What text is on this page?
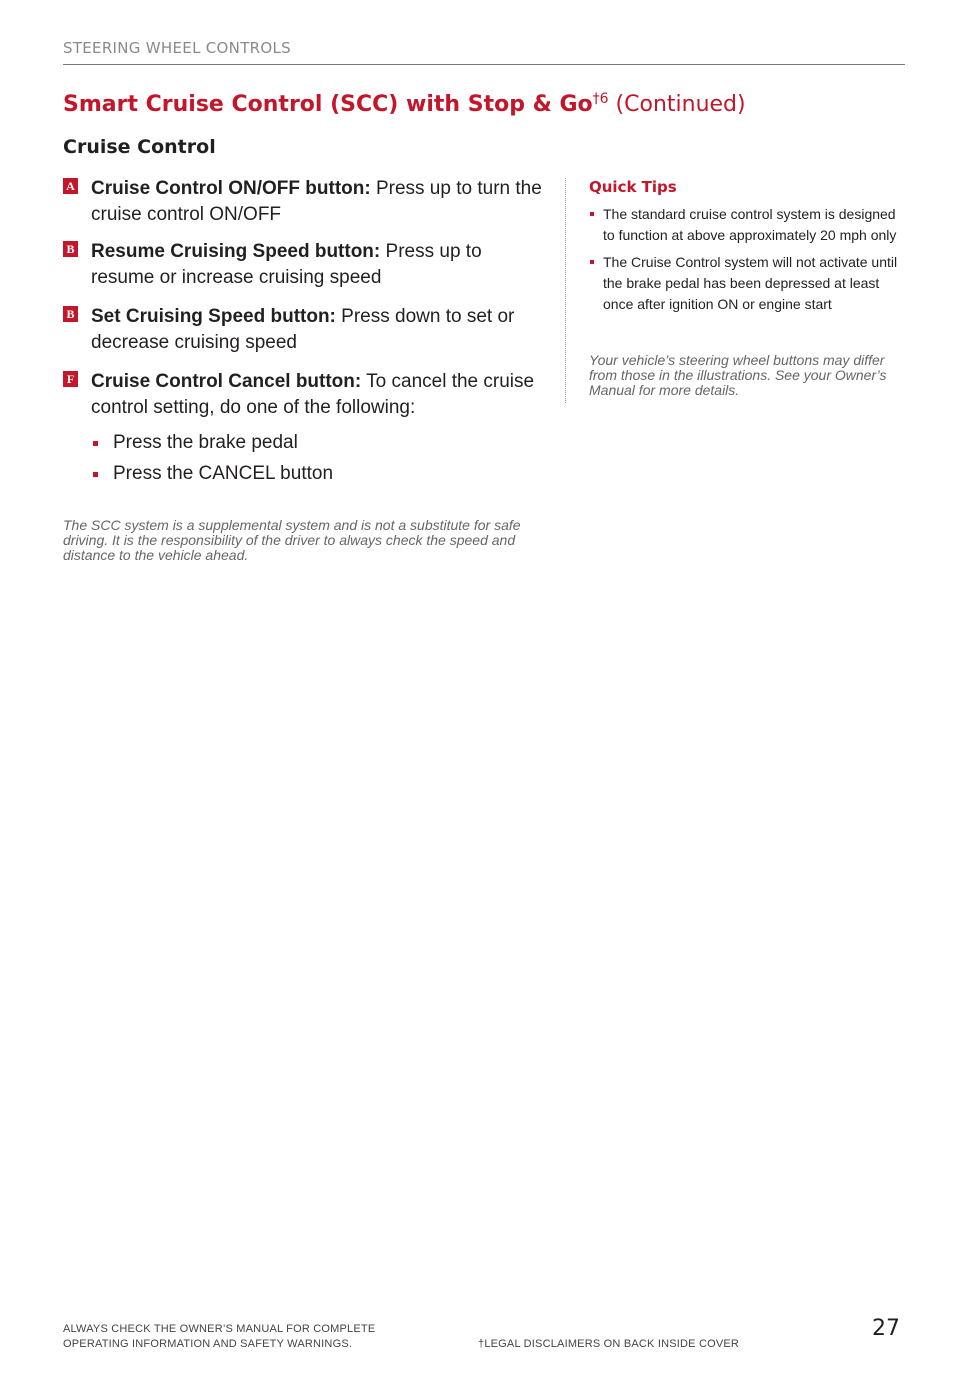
STEERING WHEEL CONTROLS
Smart Cruise Control (SCC) with Stop & Go$^{\dagger 6}$ (Continued)
Cruise Control
A Cruise Control ON/OFF button: Press up to turn the cruise control ON/OFF
B Resume Cruising Speed button: Press up to resume or increase cruising speed
B Set Cruising Speed button: Press down to set or decrease cruising speed
F Cruise Control Cancel button: To cancel the cruise control setting, do one of the following:
Press the brake pedal
Press the CANCEL button
The SCC system is a supplemental system and is not a substitute for safe driving. It is the responsibility of the driver to always check the speed and distance to the vehicle ahead.
Quick Tips
The standard cruise control system is designed to function at above approximately 20 mph only
The Cruise Control system will not activate until the brake pedal has been depressed at least once after ignition ON or engine start
Your vehicle’s steering wheel buttons may differ from those in the illustrations. See your Owner’s Manual for more details.
ALWAYS CHECK THE OWNER’S MANUAL FOR COMPLETE
OPERATING INFORMATION AND SAFETY WARNINGS.	†LEGAL DISCLAIMERS ON BACK INSIDE COVER
27
